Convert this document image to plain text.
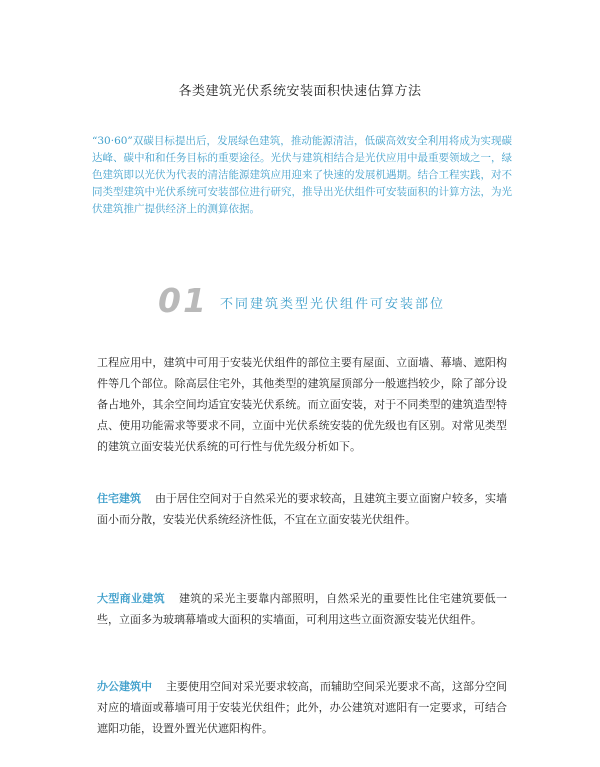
各类建筑光伏系统安装面积快速估算方法

“30·60”双碳目标提出后，发展绿色建筑，推动能源清洁，低碳高效安全利用将成为实现碳达峰、碳中和和任务目标的重要途径。光伏与建筑相结合是光伏应用中最重要领域之一，绿色建筑即以光伏为代表的清洁能源建筑应用迎来了快速的发展机遇期。结合工程实践，对不同类型建筑中光伏系统可安装部位进行研究，推导出光伏组件可安装面积的计算方法，为光伏建筑推广提供经济上的测算依据。

01 不同建筑类型光伏组件可安装部位

工程应用中，建筑中可用于安装光伏组件的部位主要有屋面、立面墙、幕墙、遮阳构件等几个部位。除高层住宅外，其他类型的建筑屋顶部分一般遮挡较少，除了部分设备占地外，其余空间均适宜安装光伏系统。而立面安装，对于不同类型的建筑造型特点、使用功能需求等要求不同，立面中光伏系统安装的优先级也有区别。对常见类型的建筑立面安装光伏系统的可行性与优先级分析如下。

住宅建筑 由于居住空间对于自然采光的要求较高，且建筑主要立面窗户较多，实墙面小而分散，安装光伏系统经济性低，不宜在立面安装光伏组件。

大型商业建筑 建筑的采光主要靠内部照明，自然采光的重要性比住宅建筑要低一些，立面多为玻璃幕墙或大面积的实墙面，可利用这些立面资源安装光伏组件。

办公建筑中 主要使用空间对采光要求较高，而辅助空间采光要求不高，这部分空间对应的墙面或幕墙可用于安装光伏组件；此外，办公建筑对遮阳有一定要求，可结合遮阳功能，设置外置光伏遮阳构件。
